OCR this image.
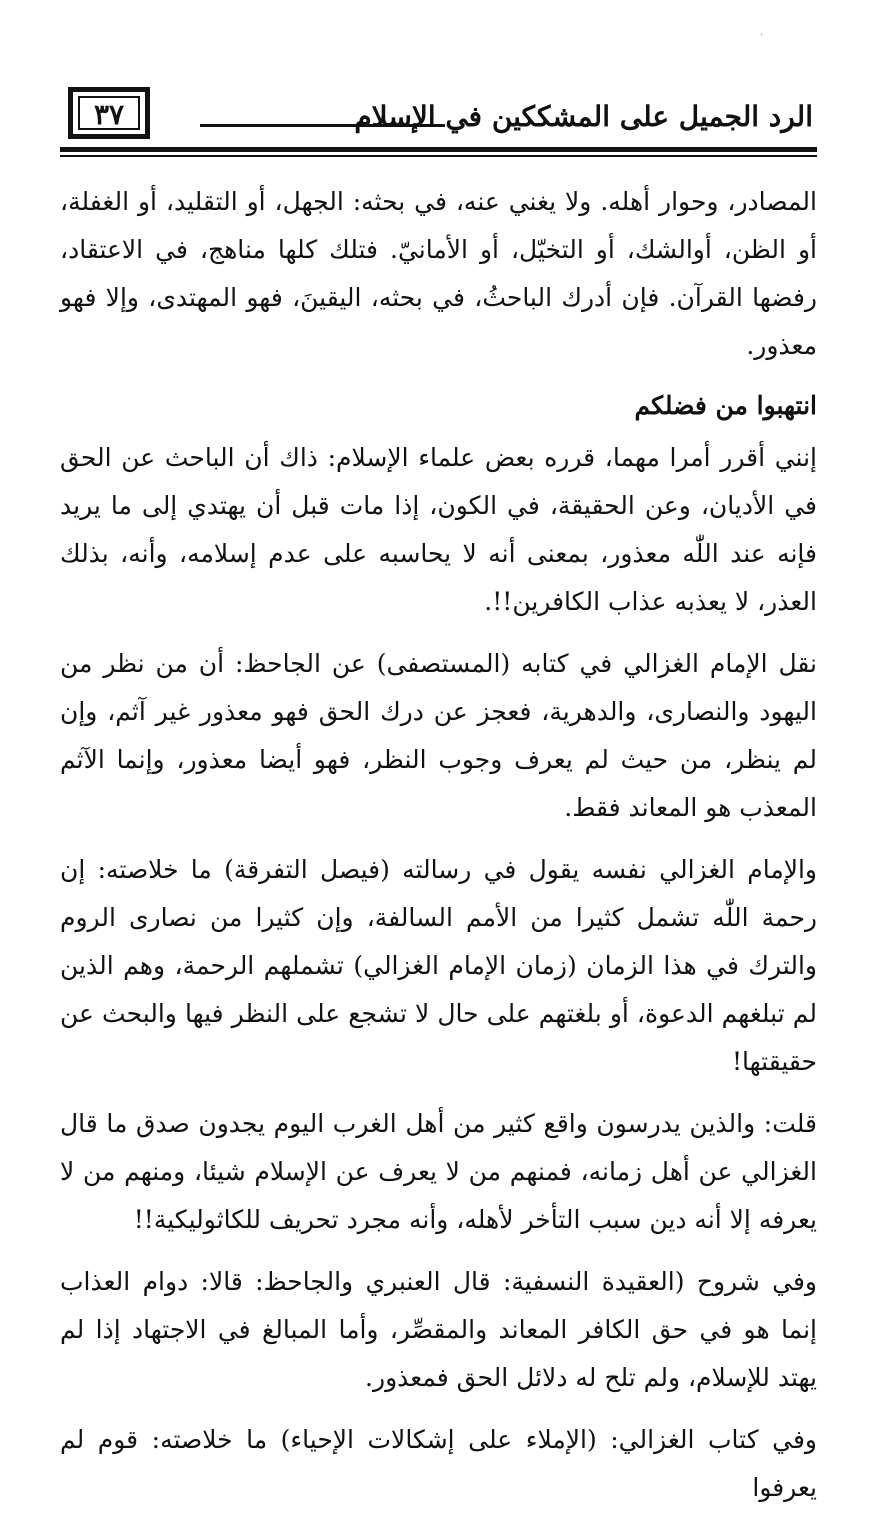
·
٣٧	الرد الجميل على المشككين في الإسلام

المصادر، وحوار أهله. ولا يغني عنه، في بحثه: الجهل، أو التقليد، أو الغفلة، أو الظن، أوالشك، أو التخيّل، أو الأمانيّ. فتلك كلها مناهج، في الاعتقاد، رفضها القرآن. فإن أدرك الباحثُ، في بحثه، اليقينَ، فهو المهتدى، وإلا فهو معذور.

انتهبوا من فضلكم

إنني أقرر أمرا مهما، قرره بعض علماء الإسلام: ذاك أن الباحث عن الحق في الأديان، وعن الحقيقة، في الكون، إذا مات قبل أن يهتدي إلى ما يريد فإنه عند اللّٰه معذور، بمعنى أنه لا يحاسبه على عدم إسلامه، وأنه، بذلك العذر، لا يعذبه عذاب الكافرين!!.

نقل الإمام الغزالي في كتابه (المستصفى) عن الجاحظ: أن من نظر من اليهود والنصارى، والدهرية، فعجز عن درك الحق فهو معذور غير آثم، وإن لم ينظر، من حيث لم يعرف وجوب النظر، فهو أيضا معذور، وإنما الآثم المعذب هو المعاند فقط.

والإمام الغزالي نفسه يقول في رسالته (فيصل التفرقة) ما خلاصته: إن رحمة اللّٰه تشمل كثيرا من الأمم السالفة، وإن كثيرا من نصارى الروم والترك في هذا الزمان (زمان الإمام الغزالي) تشملهم الرحمة، وهم الذين لم تبلغهم الدعوة، أو بلغتهم على حال لا تشجع على النظر فيها والبحث عن حقيقتها!

قلت: والذين يدرسون واقع كثير من أهل الغرب اليوم يجدون صدق ما قال الغزالي عن أهل زمانه، فمنهم من لا يعرف عن الإسلام شيئا، ومنهم من لا يعرفه إلا أنه دين سبب التأخر لأهله، وأنه مجرد تحريف للكاثوليكية!!

وفي شروح (العقيدة النسفية: قال العنبري والجاحظ: قالا: دوام العذاب إنما هو في حق الكافر المعاند والمقصِّر، وأما المبالغ في الاجتهاد إذا لم يهتد للإسلام، ولم تلح له دلائل الحق فمعذور.

وفي كتاب الغزالي: (الإملاء على إشكالات الإحياء) ما خلاصته: قوم لم يعرفوا
